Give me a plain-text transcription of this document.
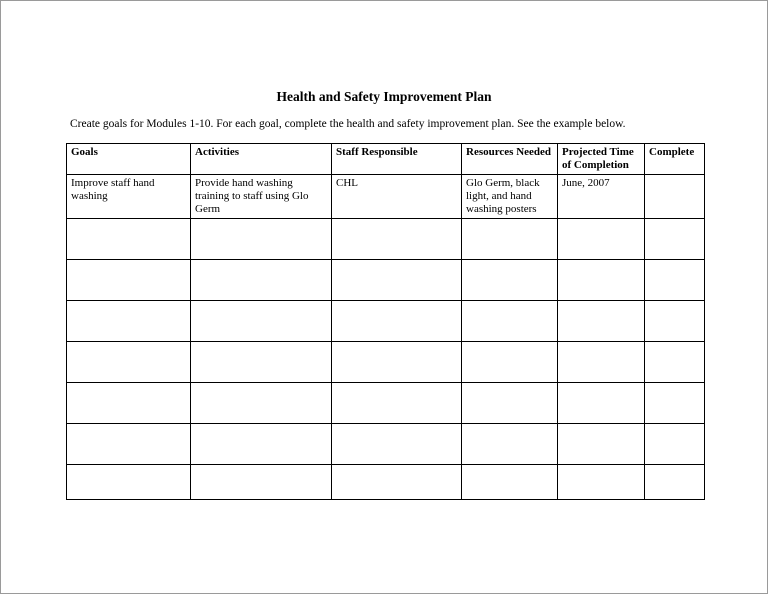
Health and Safety Improvement Plan
Create goals for Modules 1-10. For each goal, complete the health and safety improvement plan. See the example below.
Goals	Activities	Staff Responsible	Resources Needed	Projected Time of Completion	Complete
Improve staff hand washing	Provide hand washing training to staff using Glo Germ	CHL	Glo Germ, black light, and hand washing posters	June, 2007	
